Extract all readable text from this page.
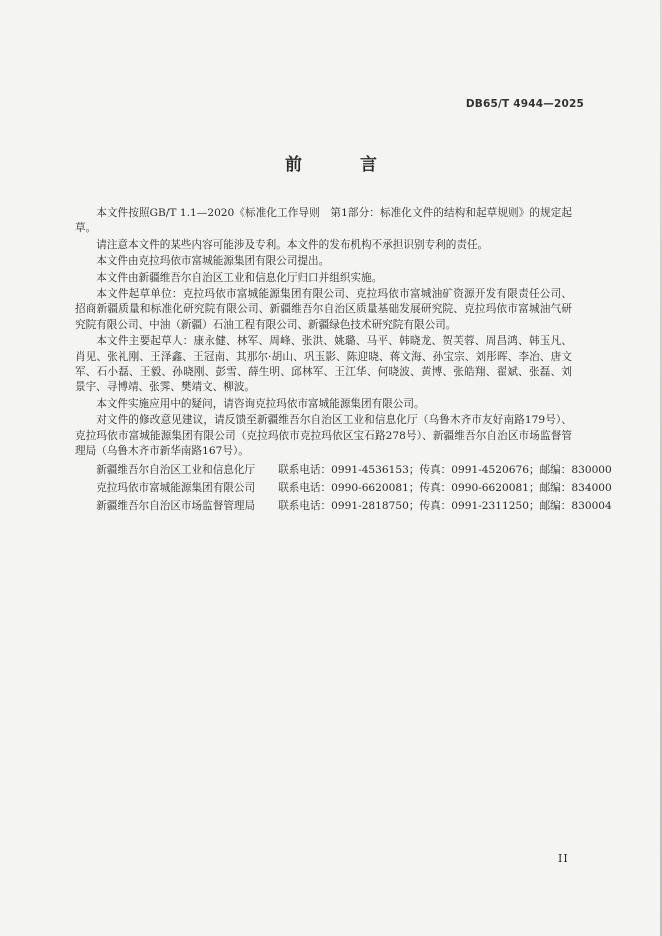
DB65/T 4944—2025
前 言

本文件按照GB/T 1.1—2020《标准化工作导则　第1部分：标准化文件的结构和起草规则》的规定起草。

请注意本文件的某些内容可能涉及专利。本文件的发布机构不承担识别专利的责任。

本文件由克拉玛依市富城能源集团有限公司提出。

本文件由新疆维吾尔自治区工业和信息化厅归口并组织实施。

本文件起草单位：克拉玛依市富城能源集团有限公司、克拉玛依市富城油矿资源开发有限责任公司、招商新疆质量和标准化研究院有限公司、新疆维吾尔自治区质量基础发展研究院、克拉玛依市富城油气研究院有限公司、中油（新疆）石油工程有限公司、新疆绿色技术研究院有限公司。

本文件主要起草人：康永健、林军、周峰、张洪、姚璐、马平、韩晓龙、贺芙蓉、周昌鸿、韩玉凡、肖见、张礼刚、王泽鑫、王冠南、其那尔·胡山、巩玉影、陈迎晓、蒋文海、孙宝宗、刘彤晖、李冶、唐文军、石小磊、王毅、孙晓刚、彭雪、薛生明、邱林军、王江华、何晓波、黄博、张皓翔、翟斌、张磊、刘景宇、寻博靖、张霁、樊靖文、柳波。

本文件实施应用中的疑问，请咨询克拉玛依市富城能源集团有限公司。

对文件的修改意见建议，请反馈至新疆维吾尔自治区工业和信息化厅（乌鲁木齐市友好南路179号）、克拉玛依市富城能源集团有限公司（克拉玛依市克拉玛依区宝石路278号）、新疆维吾尔自治区市场监督管理局（乌鲁木齐市新华南路167号）。

新疆维吾尔自治区工业和信息化厅	联系电话：0991-4536153；传真：0991-4520676；邮编：830000
克拉玛依市富城能源集团有限公司	联系电话：0990-6620081；传真：0990-6620081；邮编：834000
新疆维吾尔自治区市场监督管理局	联系电话：0991-2818750；传真：0991-2311250；邮编：830004
II
